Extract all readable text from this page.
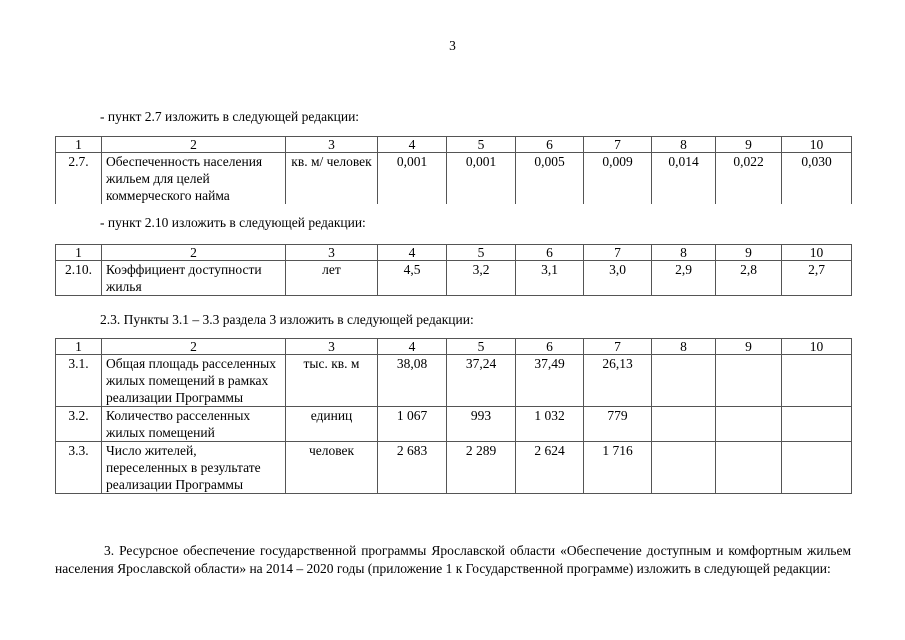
3
- пункт 2.7 изложить в следующей редакции:
1	2	3	4	5	6	7	8	9	10
2.7.	Обеспеченность населения жильем для целей коммерческого найма	кв. м/ человек	0,001	0,001	0,005	0,009	0,014	0,022	0,030
- пункт 2.10 изложить в следующей редакции:
1	2	3	4	5	6	7	8	9	10
2.10.	Коэффициент доступности жилья	лет	4,5	3,2	3,1	3,0	2,9	2,8	2,7
2.3. Пункты 3.1 – 3.3 раздела 3 изложить в следующей редакции:
1	2	3	4	5	6	7	8	9	10
3.1.	Общая площадь расселенных жилых помещений в рамках реализации Программы	тыс. кв. м	38,08	37,24	37,49	26,13			
3.2.	Количество расселенных жилых помещений	единиц	1 067	993	1 032	779			
3.3.	Число жителей, переселенных в результате реализации Программы	человек	2 683	2 289	2 624	1 716			
3. Ресурсное обеспечение государственной программы Ярославской области «Обеспечение доступным и комфортным жильем населения Ярославской области» на 2014 – 2020 годы (приложение 1 к Государственной программе) изложить в следующей редакции:
